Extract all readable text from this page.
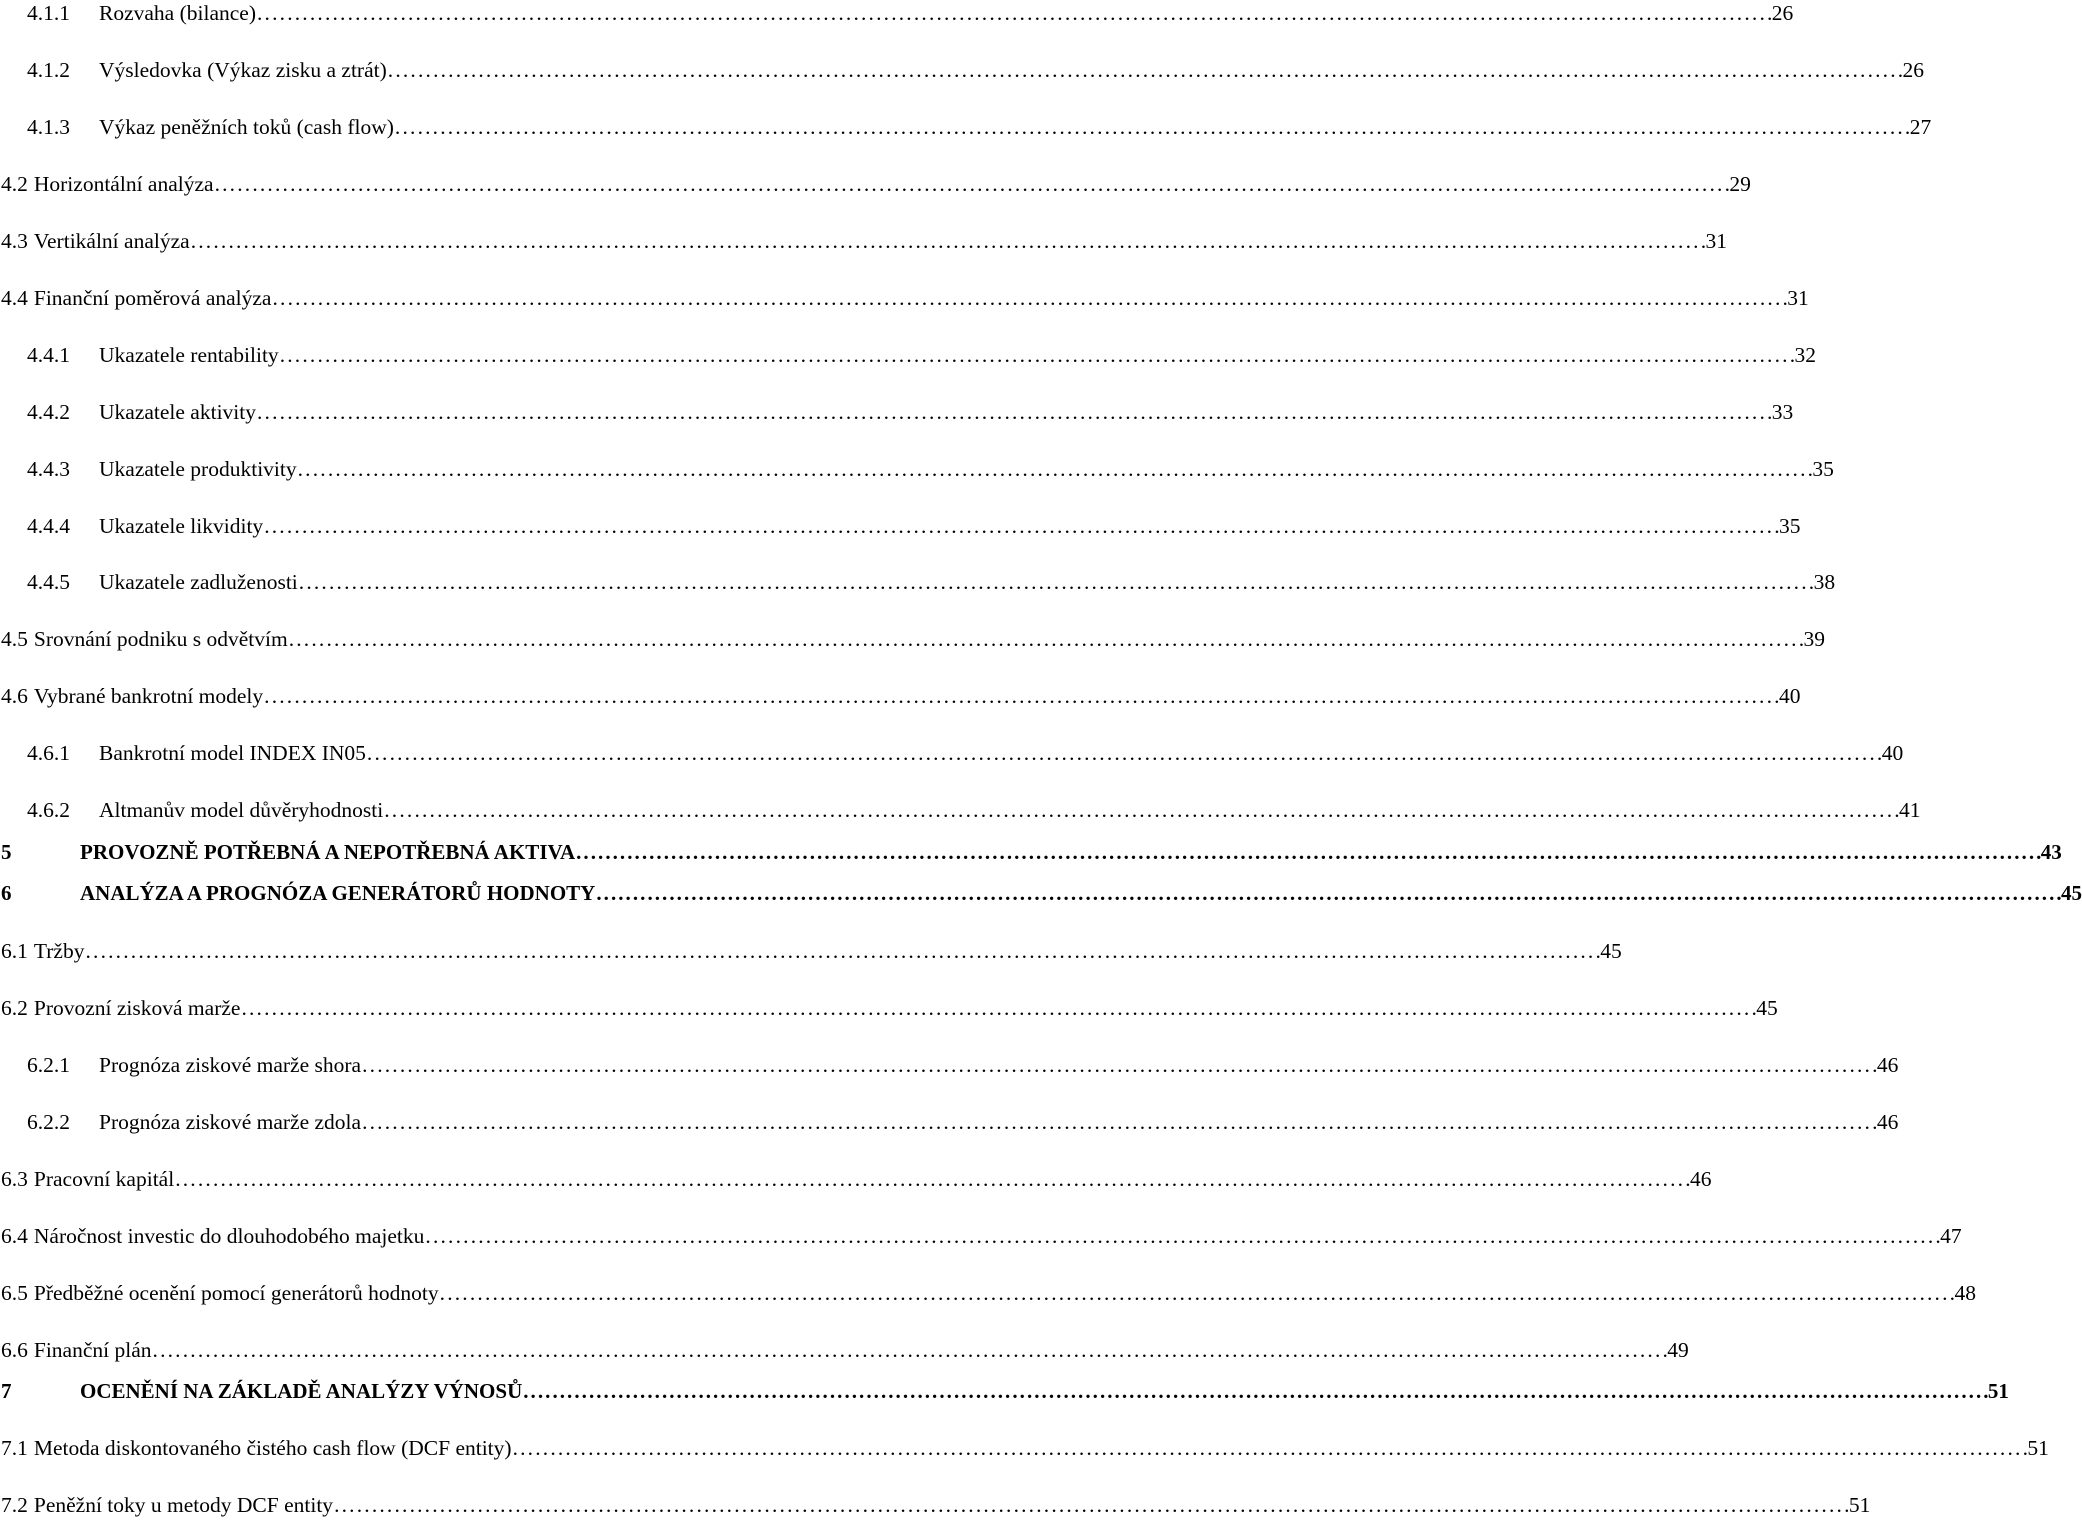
4.1.1	Rozvaha (bilance) . . .	26
4.1.2	Výsledovka (Výkaz zisku a ztrát) . . .	26
4.1.3	Výkaz peněžních toků (cash flow) . . .	27
4.2 Horizontální analýza . . .	29
4.3 Vertikální analýza . . .	31
4.4 Finanční poměrová analýza . . .	31
4.4.1	Ukazatele rentability . . .	32
4.4.2	Ukazatele aktivity . . .	33
4.4.3	Ukazatele produktivity . . .	35
4.4.4	Ukazatele likvidity . . .	35
4.4.5	Ukazatele zadluženosti . . .	38
4.5 Srovnání podniku s odvětvím . . .	39
4.6 Vybrané bankrotní modely . . .	40
4.6.1	Bankrotní model INDEX IN05 . . .	40
4.6.2	Altmanův model důvěryhodnosti . . .	41
5	PROVOZNĚ POTŘEBNÁ A NEPOTŘEBNÁ AKTIVA . . .	43
6	ANALÝZA A PROGNÓZA GENERÁTORŮ HODNOTY . . .	45
6.1 Tržby . . .	45
6.2 Provozní zisková marže . . .	45
6.2.1	Prognóza ziskové marže shora . . .	46
6.2.2	Prognóza ziskové marže zdola . . .	46
6.3 Pracovní kapitál . . .	46
6.4 Náročnost investic do dlouhodobého majetku . . .	47
6.5 Předběžné ocenění pomocí generátorů hodnoty . . .	48
6.6 Finanční plán . . .	49
7	OCENĚNÍ NA ZÁKLADĚ ANALÝZY VÝNOSŮ . . .	51
7.1 Metoda diskontovaného čistého cash flow (DCF entity) . . .	51
7.2 Peněžní toky u metody DCF entity . . .	51
